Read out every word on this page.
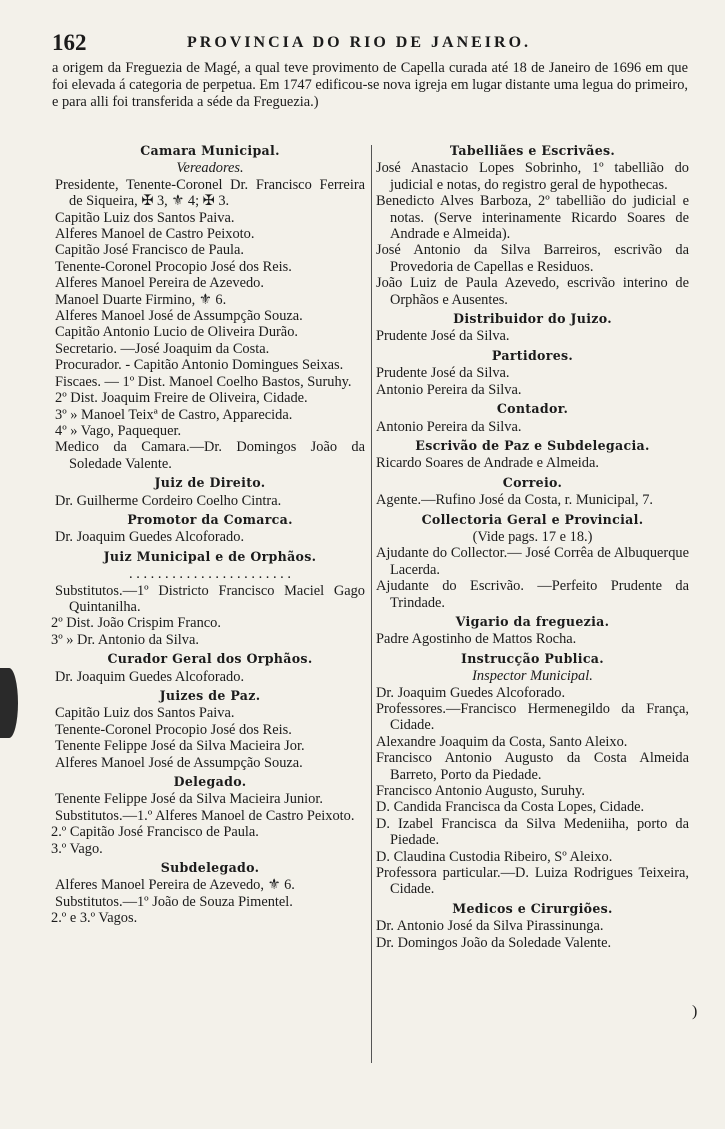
162	PROVINCIA DO RIO DE JANEIRO.
a origem da Freguezia de Magé, a qual teve provimento de Capella curada até 18 de Janeiro de 1696 em que foi elevada á categoria de perpetua. Em 1747 edificou-se nova igreja em lugar distante uma legua do primeiro, e para alli foi transferida a séde da Freguezia.)
Camara Municipal.
Vereadores.
Presidente, Tenente-Coronel Dr. Francisco Ferreira de Siqueira, ✠ 3, ⚜ 4; ✠ 3.
Capitão Luiz dos Santos Paiva.
Alferes Manoel de Castro Peixoto.
Capitão José Francisco de Paula.
Tenente-Coronel Procopio José dos Reis.
Alferes Manoel Pereira de Azevedo.
Manoel Duarte Firmino, ⚜ 6.
Alferes Manoel José de Assumpção Souza.
Capitão Antonio Lucio de Oliveira Durão.
Secretario. —José Joaquim da Costa.
Procurador. - Capitão Antonio Domingues Seixas.
Fiscaes. — 1º Dist. Manoel Coelho Bastos, Suruhy.
2º Dist. Joaquim Freire de Oliveira, Cidade.
3º » Manoel Teixª de Castro, Apparecida.
4º » Vago, Paquequer.
Medico da Camara.—Dr. Domingos João da Soledade Valente.
Juiz de Direito.
Dr. Guilherme Cordeiro Coelho Cintra.
Promotor da Comarca.
Dr. Joaquim Guedes Alcoforado.
Juiz Municipal e de Orphãos.
. . . . . . . . . . . . . . . . . . . . . . .
Substitutos.—1º Districto Francisco Maciel Gago Quintanilha.
2º Dist. João Crispim Franco.
3º » Dr. Antonio da Silva.
Curador Geral dos Orphãos.
Dr. Joaquim Guedes Alcoforado.
Juizes de Paz.
Capitão Luiz dos Santos Paiva.
Tenente-Coronel Procopio José dos Reis.
Tenente Felippe José da Silva Macieira Jor.
Alferes Manoel José de Assumpção Souza.
Delegado.
Tenente Felippe José da Silva Macieira Junior.
Substitutos.—1.º Alferes Manoel de Castro Peixoto.
2.º Capitão José Francisco de Paula.
3.º Vago.
Subdelegado.
Alferes Manoel Pereira de Azevedo, ⚜ 6.
Substitutos.—1º João de Souza Pimentel.
2.º e 3.º Vagos.
Tabelliães e Escrivães.
José Anastacio Lopes Sobrinho, 1º tabellião do judicial e notas, do registro geral de hypothecas.
Benedicto Alves Barboza, 2º tabellião do judicial e notas. (Serve interinamente Ricardo Soares de Andrade e Almeida).
José Antonio da Silva Barreiros, escrivão da Provedoria de Capellas e Residuos.
João Luiz de Paula Azevedo, escrivão interino de Orphãos e Ausentes.
Distribuidor do Juizo.
Prudente José da Silva.
Partidores.
Prudente José da Silva.
Antonio Pereira da Silva.
Contador.
Antonio Pereira da Silva.
Escrivão de Paz e Subdelegacia.
Ricardo Soares de Andrade e Almeida.
Correio.
Agente.—Rufino José da Costa, r. Municipal, 7.
Collectoria Geral e Provincial.
(Vide pags. 17 e 18.)
Ajudante do Collector.— José Corrêa de Albuquerque Lacerda.
Ajudante do Escrivão. —Perfeito Prudente da Trindade.
Vigario da freguezia.
Padre Agostinho de Mattos Rocha.
Instrucção Publica.
Inspector Municipal.
Dr. Joaquim Guedes Alcoforado.
Professores.—Francisco Hermenegildo da França, Cidade.
Alexandre Joaquim da Costa, Santo Aleixo.
Francisco Antonio Augusto da Costa Almeida Barreto, Porto da Piedade.
Francisco Antonio Augusto, Suruhy.
D. Candida Francisca da Costa Lopes, Cidade.
D. Izabel Francisca da Silva Medeniiha, porto da Piedade.
D. Claudina Custodia Ribeiro, Sº Aleixo.
Professora particular.—D. Luiza Rodrigues Teixeira, Cidade.
Medicos e Cirurgiões.
Dr. Antonio José da Silva Pirassinunga.
Dr. Domingos João da Soledade Valente.
)
